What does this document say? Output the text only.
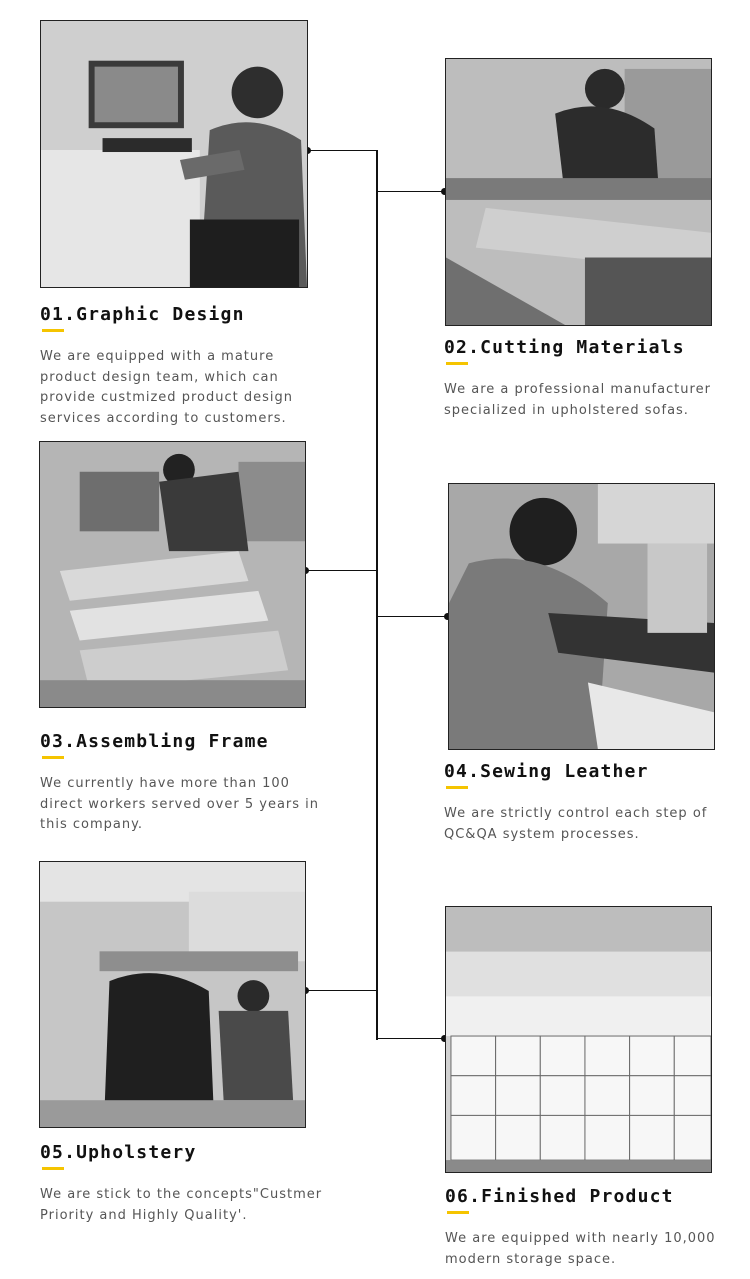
01.Graphic Design
We are equipped with a mature product design team, which can provide custmized product design services according to customers.
02.Cutting Materials
We are a professional manufacturer specialized in upholstered sofas.
03.Assembling Frame
We currently have more than 100 direct workers served over 5 years in this company.
04.Sewing Leather
We are strictly control each step of QC&QA system processes.
05.Upholstery
We are stick to the concepts"Custmer Priority and Highly Quality'.
06.Finished Product
We are equipped with nearly 10,000 modern storage space.
